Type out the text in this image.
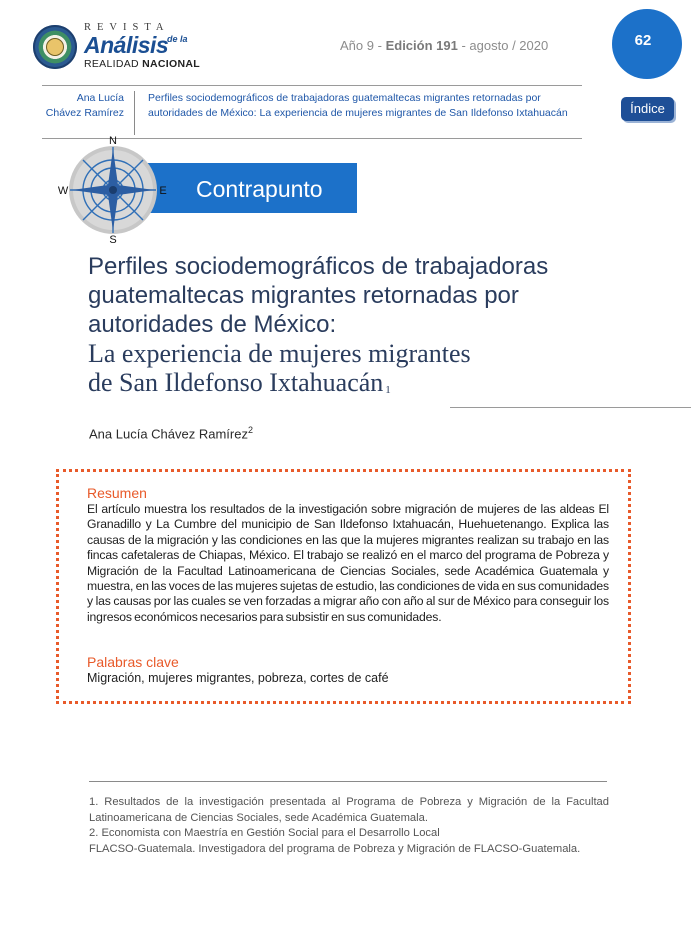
REVISTA
Análisis
de la
REALIDAD NACIONAL
Año 9 - Edición 191 - agosto / 2020	62
Ana Lucía
Chávez Ramírez
Perfiles sociodemográficos de trabajadoras guatemaltecas migrantes retornadas por autoridades de México: La experiencia de mujeres migrantes de San Ildefonso Ixtahuacán	Índice
Contrapunto
N
S
W	E
Perfiles sociodemográficos de trabajadoras
guatemaltecas migrantes retornadas por
autoridades de México:
La experiencia de mujeres migrantes
de San Ildefonso Ixtahuacán $^1$
Ana Lucía Chávez Ramírez$^2$
Resumen
El artículo muestra los resultados de la investigación sobre migración de mujeres de las aldeas El Granadillo y La Cumbre del municipio de San Ildefonso Ixtahuacán, Huehuetenango. Explica las causas de la migración y las condiciones en las que la mujeres migrantes realizan su trabajo en las fincas cafetaleras de Chiapas, México. El trabajo se realizó en el marco del programa de Pobreza y Migración de la Facultad Latinoamericana de Ciencias Sociales, sede Académica Guatemala y muestra, en las voces de las mujeres sujetas de estudio, las condiciones de vida en sus comunidades y las causas por las cuales se ven forzadas a migrar año con año al sur de México para conseguir los ingresos económicos necesarios para subsistir en sus comunidades.
Palabras clave
Migración, mujeres migrantes, pobreza, cortes de café
1. Resultados de la investigación presentada al Programa de Pobreza y Migración de la Facultad Latinoamericana de Ciencias Sociales, sede Académica Guatemala.
2. Economista con Maestría en Gestión Social para el Desarrollo Local
FLACSO-Guatemala. Investigadora del programa de Pobreza y Migración de FLACSO-Guatemala.
